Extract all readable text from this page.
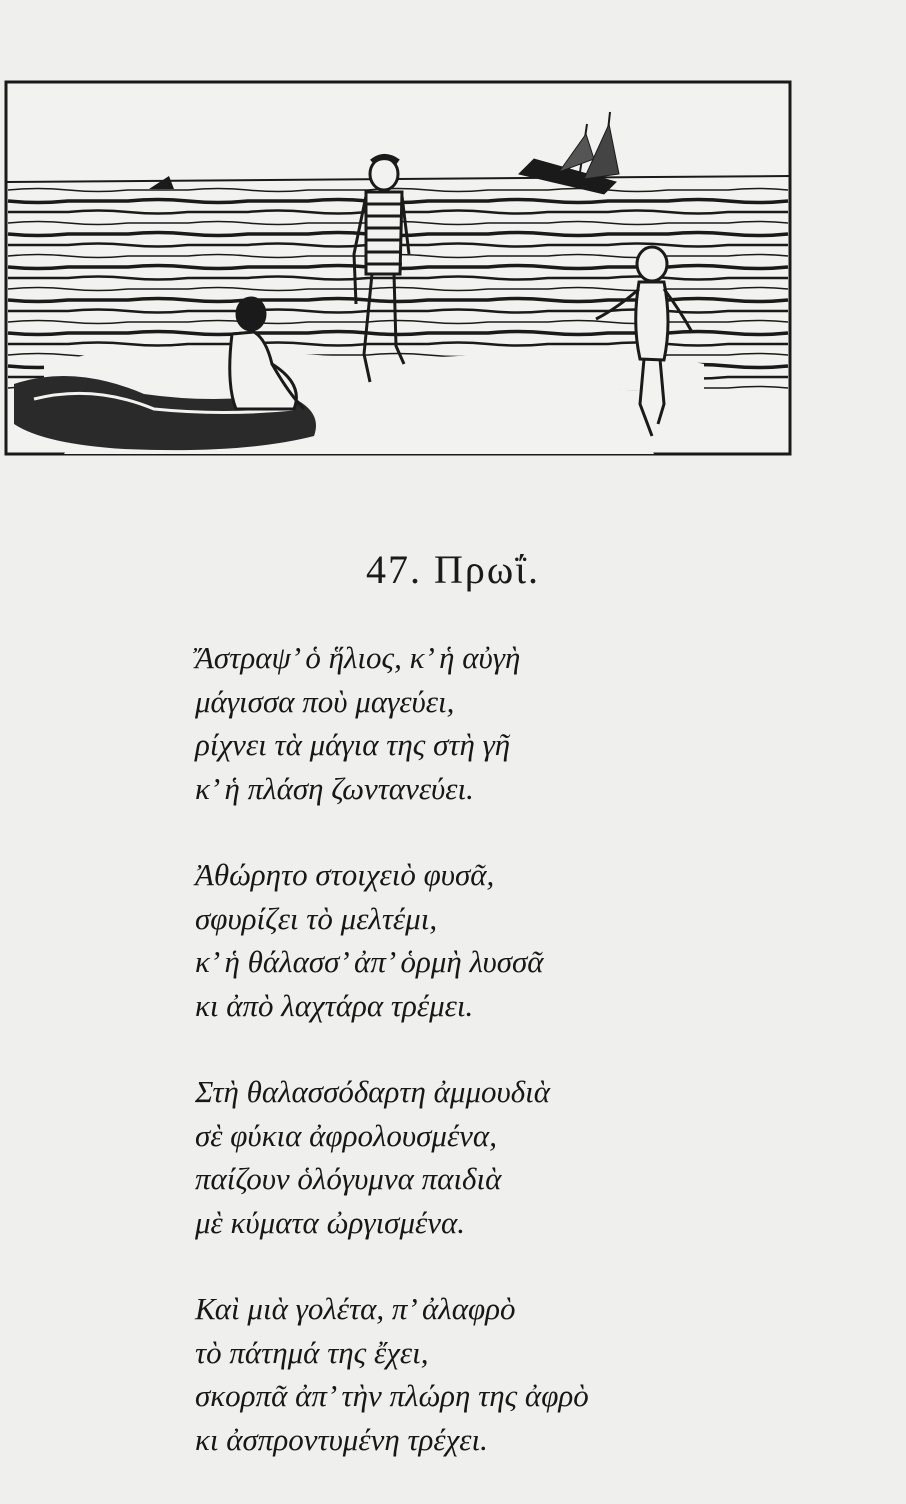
47. Πρωΐ.
Ἄστραψ’ ὁ ἥλιος, κ’ ἡ αὐγὴ
μάγισσα ποὺ μαγεύει,
ρίχνει τὰ μάγια της στὴ γῆ
κ’ ἡ πλάση ζωντανεύει.
Ἀθώρητο στοιχειὸ φυσᾶ,
σφυρίζει τὸ μελτέμι,
κ’ ἡ θάλασσ’ ἀπ’ ὁρμὴ λυσσᾶ
κι ἀπὸ λαχτάρα τρέμει.
Στὴ θαλασσόδαρτη ἀμμουδιὰ
σὲ φύκια ἀφρολουσμένα,
παίζουν ὁλόγυμνα παιδιὰ
μὲ κύματα ὠργισμένα.
Καὶ μιὰ γολέτα, π’ ἀλαφρὸ
τὸ πάτημά της ἔχει,
σκορπᾶ ἀπ’ τὴν πλώρη της ἀφρὸ
κι ἀσπροντυμένη τρέχει.
